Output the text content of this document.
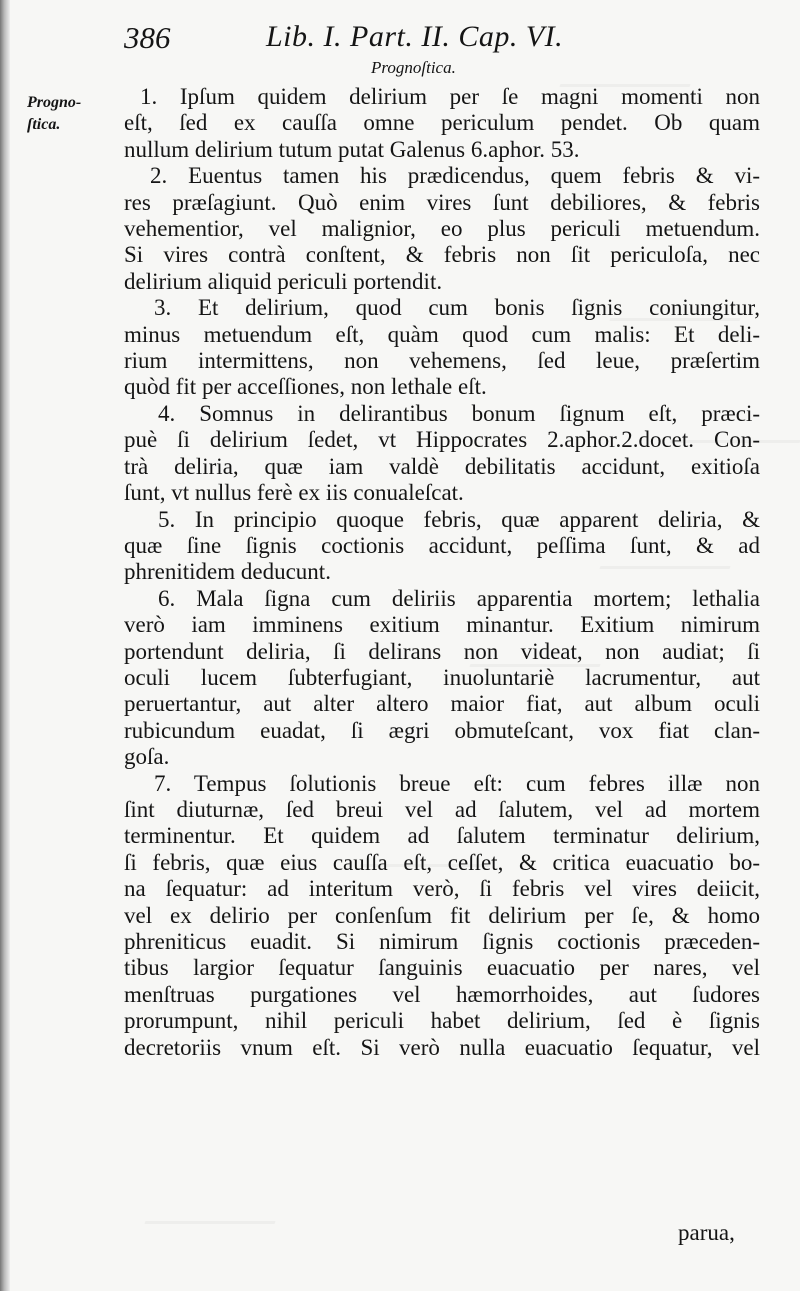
386	Lib. I. Part. II. Cap. VI.
Prognoſtica.
Progno-
ſtica.
1. Ipſum quidem delirium per ſe magni momenti non
eſt, ſed ex cauſſa omne periculum pendet. Ob quam
nullum delirium tutum putat Galenus 6.aphor. 53.
2. Euentus tamen his prædicendus, quem febris & vi-
res præſagiunt. Quò enim vires ſunt debiliores, & febris
vehementior, vel malignior, eo plus periculi metuendum.
Si vires contrà conſtent, & febris non ſit periculoſa, nec
delirium aliquid periculi portendit.
3. Et delirium, quod cum bonis ſignis coniungitur,
minus metuendum eſt, quàm quod cum malis: Et deli-
rium intermittens, non vehemens, ſed leue, præſertim
quòd fit per acceſſiones, non lethale eſt.
4. Somnus in delirantibus bonum ſignum eſt, præci-
puè ſi delirium ſedet, vt Hippocrates 2.aphor.2.docet. Con-
trà deliria, quæ iam valdè debilitatis accidunt, exitioſa
ſunt, vt nullus ferè ex iis conualeſcat.
5. In principio quoque febris, quæ apparent deliria, &
quæ ſine ſignis coctionis accidunt, peſſima ſunt, & ad
phrenitidem deducunt.
6. Mala ſigna cum deliriis apparentia mortem; lethalia
verò iam imminens exitium minantur. Exitium nimirum
portendunt deliria, ſi delirans non videat, non audiat; ſi
oculi lucem ſubterfugiant, inuoluntariè lacrumentur, aut
peruertantur, aut alter altero maior fiat, aut album oculi
rubicundum euadat, ſi ægri obmuteſcant, vox fiat clan-
goſa.
7. Tempus ſolutionis breue eſt: cum febres illæ non
ſint diuturnæ, ſed breui vel ad ſalutem, vel ad mortem
terminentur. Et quidem ad ſalutem terminatur delirium,
ſi febris, quæ eius cauſſa eſt, ceſſet, & critica euacuatio bo-
na ſequatur: ad interitum verò, ſi febris vel vires deiicit,
vel ex delirio per conſenſum fit delirium per ſe, & homo
phreniticus euadit. Si nimirum ſignis coctionis præceden-
tibus largior ſequatur ſanguinis euacuatio per nares, vel
menſtruas purgationes vel hæmorrhoides, aut ſudores
prorumpunt, nihil periculi habet delirium, ſed è ſignis
decretoriis vnum eſt. Si verò nulla euacuatio ſequatur, vel
parua,
